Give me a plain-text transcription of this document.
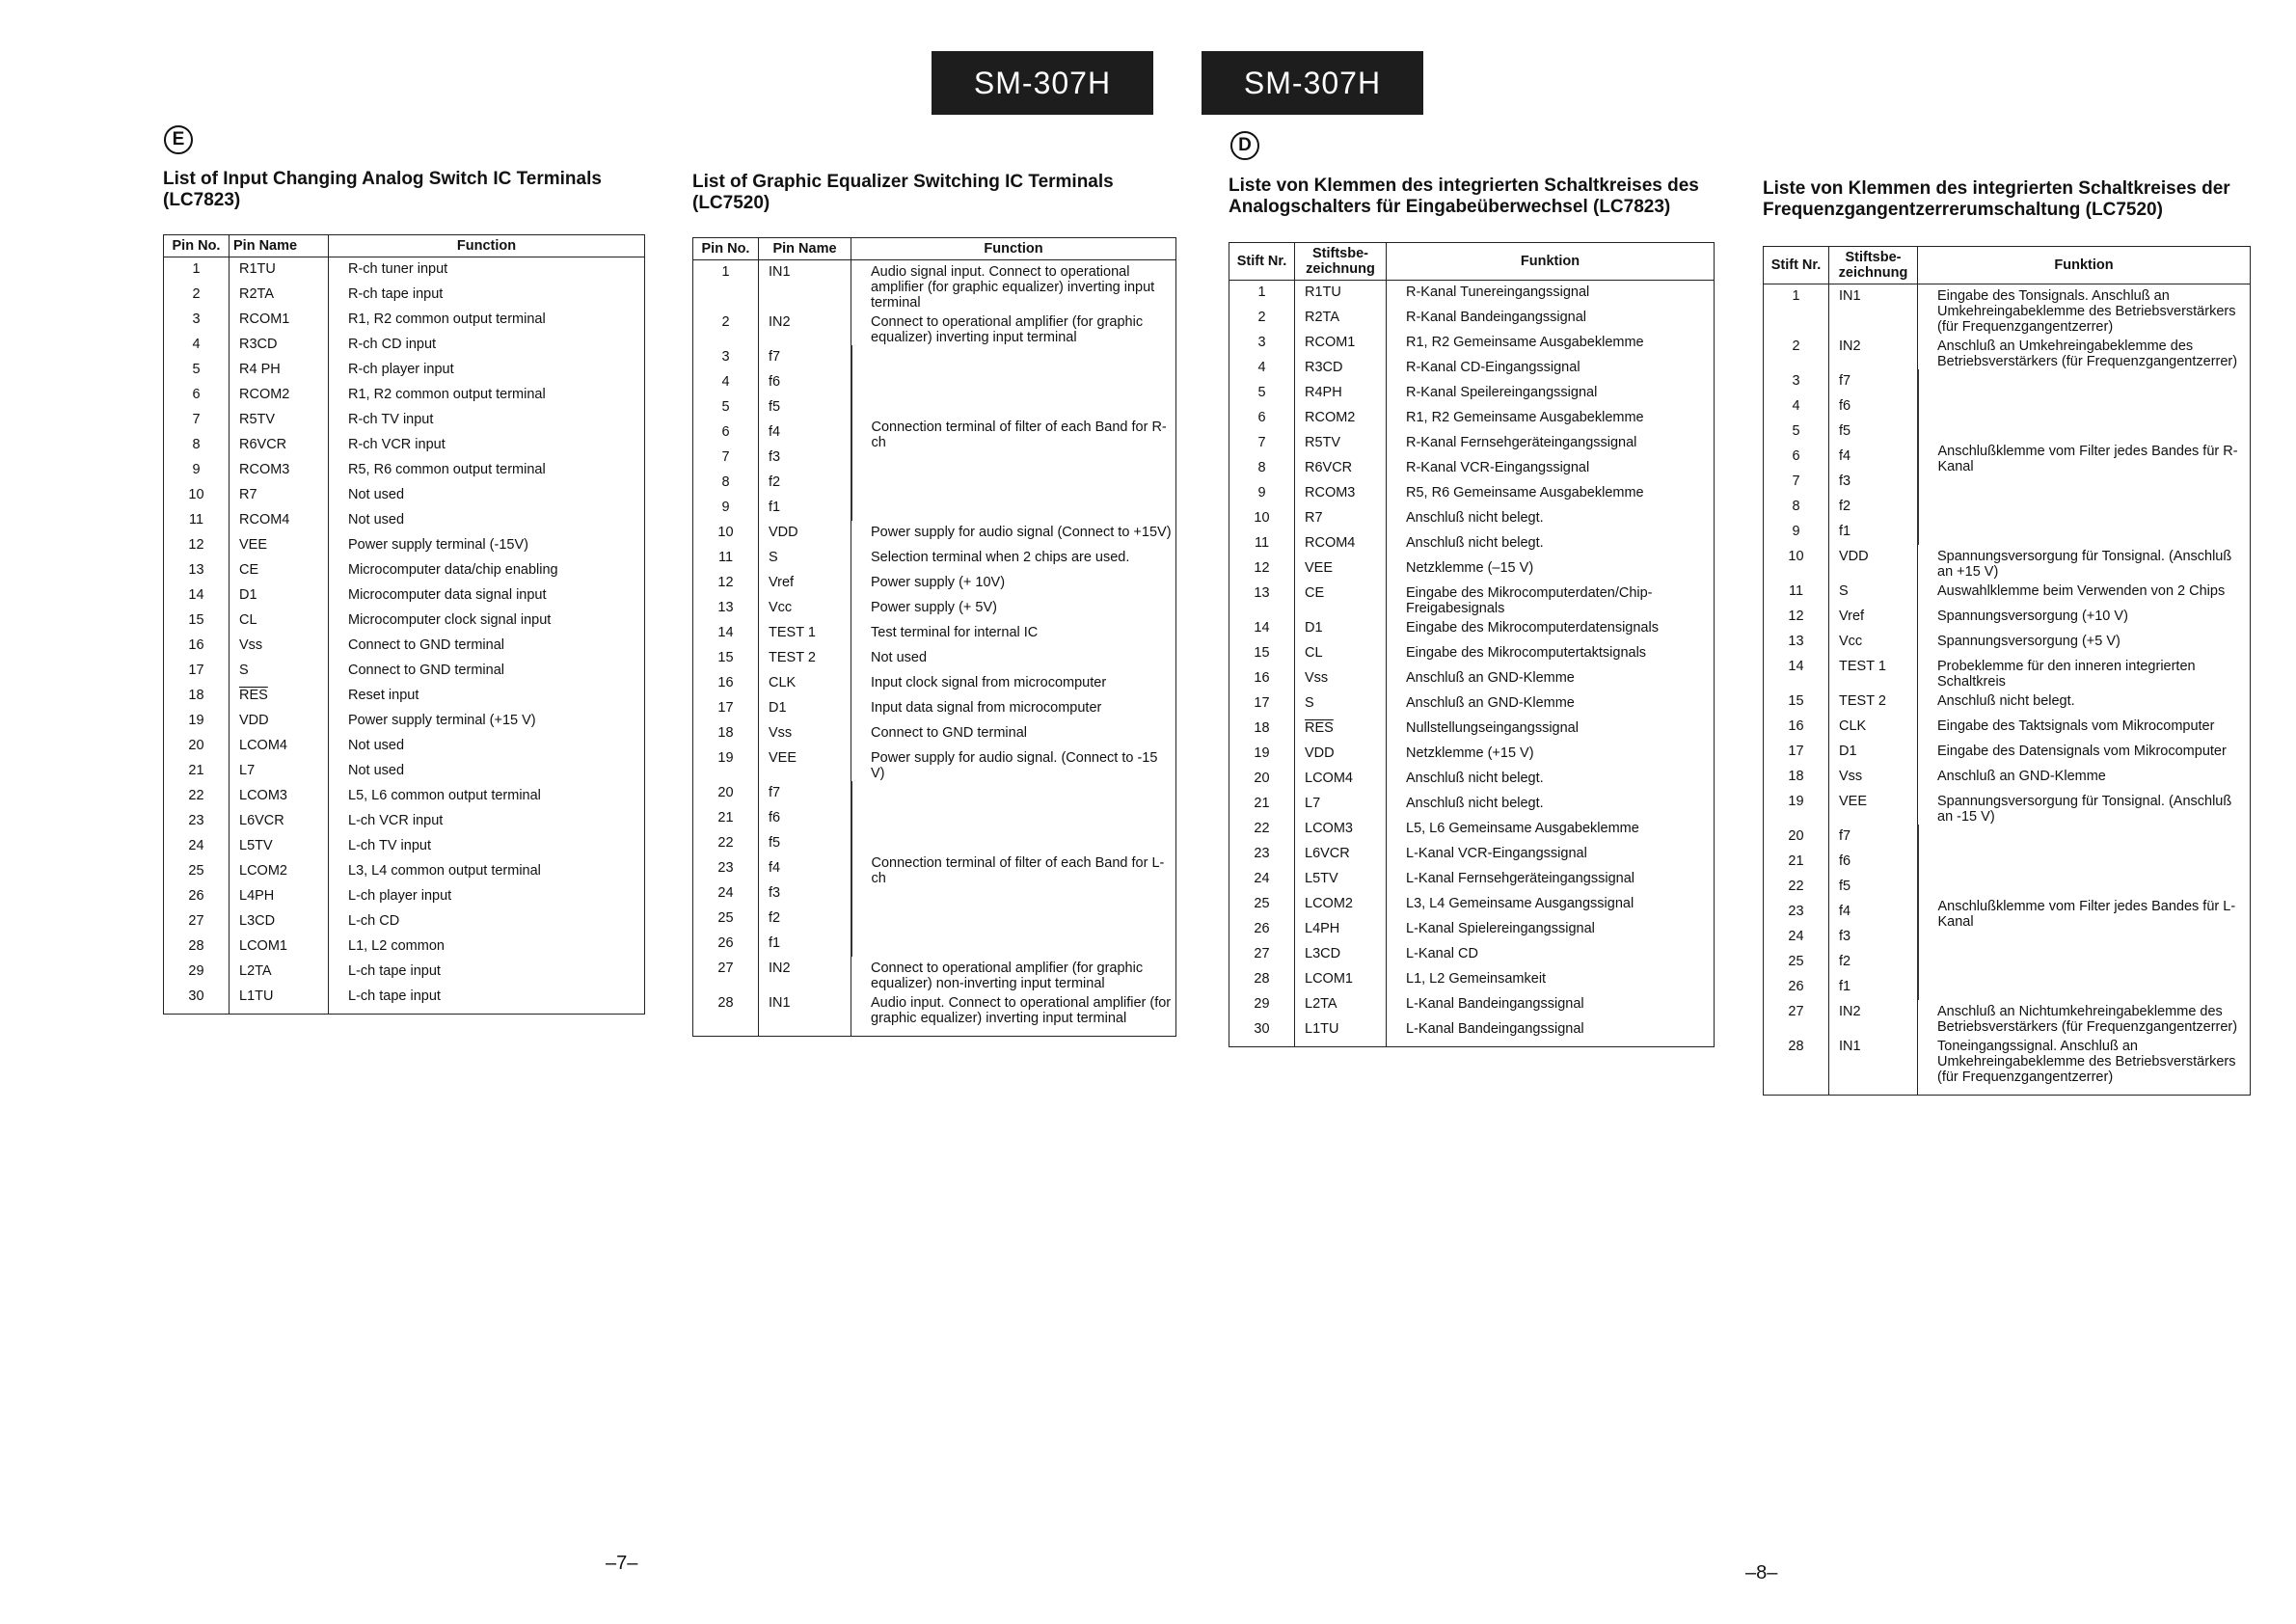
SM-307H	SM-307H
E	D
List of Input Changing Analog Switch IC Terminals (LC7823)
List of Graphic Equalizer Switching IC Terminals (LC7520)
Liste von Klemmen des integrierten Schaltkreises des Analogschalters für Eingabeüberwechsel (LC7823)
Liste von Klemmen des integrierten Schaltkreises der Frequenzgangentzerrerumschaltung (LC7520)
Pin No.	Pin Name	Function
1	R1TU	R-ch tuner input
2	R2TA	R-ch tape input
3	RCOM1	R1, R2 common output terminal
4	R3CD	R-ch CD input
5	R4 PH	R-ch player input
6	RCOM2	R1, R2 common output terminal
7	R5TV	R-ch TV input
8	R6VCR	R-ch VCR input
9	RCOM3	R5, R6 common output terminal
10	R7	Not used
11	RCOM4	Not used
12	VEE	Power supply terminal (-15V)
13	CE	Microcomputer data/chip enabling
14	D1	Microcomputer data signal input
15	CL	Microcomputer clock signal input
16	Vss	Connect to GND terminal
17	S	Connect to GND terminal
18	$\overline{RES}$	Reset input
19	VDD	Power supply terminal (+15 V)
20	LCOM4	Not used
21	L7	Not used
22	LCOM3	L5, L6 common output terminal
23	L6VCR	L-ch VCR input
24	L5TV	L-ch TV input
25	LCOM2	L3, L4 common output terminal
26	L4PH	L-ch player input
27	L3CD	L-ch CD
28	LCOM1	L1, L2 common
29	L2TA	L-ch tape input
30	L1TU	L-ch tape input
Pin No.	Pin Name	Function
1	IN1	Audio signal input. Connect to operational amplifier (for graphic equalizer) inverting input terminal
2	IN2	Connect to operational amplifier (for graphic equalizer) inverting input terminal
3	f7	Connection terminal of filter of each Band for R-ch
4	f6	
5	f5	
6	f4	
7	f3	
8	f2	
9	f1	
10	VDD	Power supply for audio signal (Connect to +15V)
11	S	Selection terminal when 2 chips are used.
12	Vref	Power supply (+ 10V)
13	Vcc	Power supply (+ 5V)
14	TEST 1	Test terminal for internal IC
15	TEST 2	Not used
16	CLK	Input clock signal from microcomputer
17	D1	Input data signal from microcomputer
18	Vss	Connect to GND terminal
19	VEE	Power supply for audio signal. (Connect to -15 V)
20	f7	Connection terminal of filter of each Band for L-ch
21	f6	
22	f5	
23	f4	
24	f3	
25	f2	
26	f1	
27	IN2	Connect to operational amplifier (for graphic equalizer) non-inverting input terminal
28	IN1	Audio input. Connect to operational amplifier (for graphic equalizer) inverting input terminal
Stift Nr.	Stiftsbe-zeichnung	Funktion
1	R1TU	R-Kanal Tunereingangssignal
2	R2TA	R-Kanal Bandeingangssignal
3	RCOM1	R1, R2 Gemeinsame Ausgabeklemme
4	R3CD	R-Kanal CD-Eingangssignal
5	R4PH	R-Kanal Speilereingangssignal
6	RCOM2	R1, R2 Gemeinsame Ausgabeklemme
7	R5TV	R-Kanal Fernsehgeräteingangssignal
8	R6VCR	R-Kanal VCR-Eingangssignal
9	RCOM3	R5, R6 Gemeinsame Ausgabeklemme
10	R7	Anschluß nicht belegt.
11	RCOM4	Anschluß nicht belegt.
12	VEE	Netzklemme (–15 V)
13	CE	Eingabe des Mikrocomputerdaten/Chip-Freigabesignals
14	D1	Eingabe des Mikrocomputerdatensignals
15	CL	Eingabe des Mikrocomputertaktsignals
16	Vss	Anschluß an GND-Klemme
17	S	Anschluß an GND-Klemme
18	$\overline{RES}$	Nullstellungseingangssignal
19	VDD	Netzklemme (+15 V)
20	LCOM4	Anschluß nicht belegt.
21	L7	Anschluß nicht belegt.
22	LCOM3	L5, L6 Gemeinsame Ausgabeklemme
23	L6VCR	L-Kanal VCR-Eingangssignal
24	L5TV	L-Kanal Fernsehgeräteingangssignal
25	LCOM2	L3, L4 Gemeinsame Ausgangssignal
26	L4PH	L-Kanal Spielereingangssignal
27	L3CD	L-Kanal CD
28	LCOM1	L1, L2 Gemeinsamkeit
29	L2TA	L-Kanal Bandeingangssignal
30	L1TU	L-Kanal Bandeingangssignal
Stift Nr.	Stiftsbe-zeichnung	Funktion
1	IN1	Eingabe des Tonsignals. Anschluß an Umkehreingabeklemme des Betriebsverstärkers (für Frequenzgangentzerrer)
2	IN2	Anschluß an Umkehreingabeklemme des Betriebsverstärkers (für Frequenzgangentzerrer)
3	f7	Anschlußklemme vom Filter jedes Bandes für R-Kanal
4	f6	
5	f5	
6	f4	
7	f3	
8	f2	
9	f1	
10	VDD	Spannungsversorgung für Tonsignal. (Anschluß an +15 V)
11	S	Auswahlklemme beim Verwenden von 2 Chips
12	Vref	Spannungsversorgung (+10 V)
13	Vcc	Spannungsversorgung (+5 V)
14	TEST 1	Probeklemme für den inneren integrierten Schaltkreis
15	TEST 2	Anschluß nicht belegt.
16	CLK	Eingabe des Taktsignals vom Mikrocomputer
17	D1	Eingabe des Datensignals vom Mikrocomputer
18	Vss	Anschluß an GND-Klemme
19	VEE	Spannungsversorgung für Tonsignal. (Anschluß an -15 V)
20	f7	Anschlußklemme vom Filter jedes Bandes für L-Kanal
21	f6	
22	f5	
23	f4	
24	f3	
25	f2	
26	f1	
27	IN2	Anschluß an Nichtumkehreingabeklemme des Betriebsverstärkers (für Frequenzgangentzerrer)
28	IN1	Toneingangssignal. Anschluß an Umkehreingabeklemme des Betriebsverstärkers (für Frequenzgangentzerrer)
–7–	–8–
